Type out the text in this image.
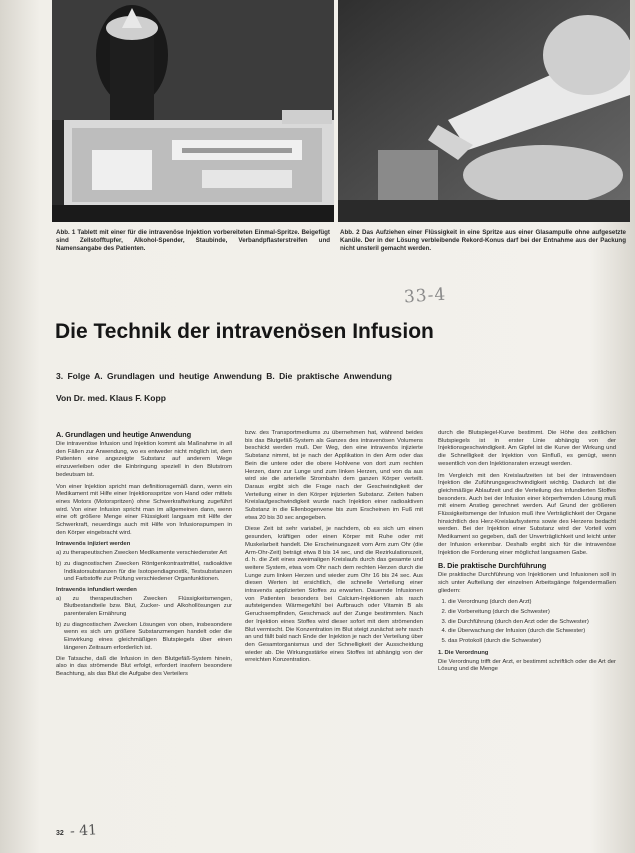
Abb. 1 Tablett mit einer für die intravenöse Injektion vorbereiteten Einmal-Spritze. Beigefügt sind Zellstofftupfer, Alkohol-Spender, Staubinde, Verbandpflasterstreifen und Namensangabe des Patienten.
Abb. 2 Das Aufziehen einer Flüssigkeit in eine Spritze aus einer Glasampulle ohne aufgesetzte Kanüle. Der in der Lösung verbleibende Rekord-Konus darf bei der Entnahme aus der Packung nicht unsteril gemacht werden.
33-4
Die Technik der intravenösen Infusion
3. Folge A. Grundlagen und heutige Anwendung B. Die praktische Anwendung
Von Dr. med. Klaus F. Kopp
A. Grundlagen und heutige Anwendung

Die intravenöse Infusion und Injektion kommt als Maßnahme in all den Fällen zur Anwendung, wo es entweder nicht möglich ist, dem Patienten eine angezeigte Substanz auf anderem Wege einzuverleiben oder die Einbringung speziell in den Blutstrom bedeutsam ist.

Von einer Injektion spricht man definitionsgemäß dann, wenn ein Medikament mit Hilfe einer Injektionsspritze von Hand oder mittels eines Motors (Motorspritzen) ohne Schwerkraftwirkung zugeführt wird. Von einer Infusion spricht man im allgemeinen dann, wenn eine oft größere Menge einer Flüssigkeit langsam mit Hilfe der Schwerkraft, neuerdings auch mit Hilfe von Infusionspumpen in den Körper eingebracht wird.

Intravenös injiziert werden

a) zu therapeutischen Zwecken Medikamente verschiedenster Art

b) zu diagnostischen Zwecken Röntgenkontrastmittel, radioaktive Indikatorsubstanzen für die Isotopendiagnostik, Testsubstanzen und Farbstoffe zur Prüfung verschiedener Organfunktionen.

Intravenös infundiert werden

a) zu therapeutischen Zwecken Flüssigkeitsmengen, Blutbestandteile bzw. Blut, Zucker- und Alkohollösungen zur parenteralen Ernährung

b) zu diagnostischen Zwecken Lösungen von oben, insbesondere wenn es sich um größere Substanzmengen handelt oder die Einwirkung eines gleichmäßigen Blutspiegels über einen längeren Zeitraum erforderlich ist.

Die Tatsache, daß die Infusion in den Blutgefäß-System hinein, also in das strömende Blut erfolgt, erfordert insofern besondere Beachtung, als das Blut die Aufgabe des Verteilers

bzw. des Transportmediums zu übernehmen hat, während beides bis das Blutgefäß-System als Ganzes des intravenösen Volumens beschickt werden muß. Der Weg, den eine intravenös injizierte Substanz nimmt, ist je nach der Applikation in den Arm oder das Bein die untere oder die obere Hohlvene von dort zum rechten Herzen, dann zur Lunge und zum linken Herzen, und von da aus wird sie die arterielle Strombahn dem ganzen Körper verteilt. Daraus ergibt sich die Frage nach der Geschwindigkeit der Verteilung einer in den Körper injizierten Substanz. Zeiten haben Kreislaufgeschwindigkeit wurde nach Injektion einer radioaktiven Substanz in die Ellenbogenvene bis zum Erscheinen im Fuß mit etwa 20 bis 30 sec angegeben.

Diese Zeit ist sehr variabel, je nachdem, ob es sich um einen gesunden, kräftigen oder einen Körper mit Ruhe oder mit Muskelarbeit handelt. Die Erscheinungszeit vom Arm zum Ohr (die Arm-Ohr-Zeit) beträgt etwa 8 bis 14 sec, und die Rezirkulationszeit, d. h. die Zeit eines zweimaligen Kreislaufs durch das gesamte und weitere System, etwa vom Ohr nach dem rechten Herzen durch die Lunge zum linken Herzen und wieder zum Ohr 16 bis 24 sec. Aus diesen Werten ist ersichtlich, die schnelle Verteilung einer intravenös applizierten Stoffes zu erwarten. Dauernde Infusionen von Patienten besonders bei Calcium-Injektionen als rasch aufsteigendes Wärmegefühl bei Aufbrauch oder Vitamin B als Geruchsempfinden, Geschmack auf der Zunge bestimmten. Nach der Injektion eines Stoffes wird dieser sofort mit dem strömenden Blut vermischt. Die Konzentration im Blut steigt zunächst sehr rasch an und fällt bald nach Ende der Injektion je nach der Verteilung über den Gesamtorganismus und der Schnelligkeit der Ausscheidung wieder ab. Die Wirkungsstärke eines Stoffes ist abhängig von der erreichten Konzentration.

durch die Blutspiegel-Kurve bestimmt. Die Höhe des zeitlichen Blutspiegels ist in erster Linie abhängig von der Injektionsgeschwindigkeit. Am Gipfel ist die Kurve der Wirkung und die Schnelligkeit der Injektion von Einfluß, es genügt, wenn wesentlich von den Injektionsraten erzeugt werden.

Im Vergleich mit den Kreislaufzeiten ist bei der intravenösen Injektion die Zuführungsgeschwindigkeit wichtig. Dadurch ist die gleichmäßige Ablaufzeit und die Verteilung des infundierten Stoffes besonders. Auch bei der Infusion einer körperfremden Lösung muß mit einem Anstieg gerechnet werden. Auf Grund der größeren Flüssigkeitsmenge der Infusion muß ihre Verträglichkeit der Organe hinsichtlich des Herz-Kreislaufsystems sowie des Herzens bedacht werden. Bei der Injektion einer Substanz wird der Vorteil vom Medikament so gegeben, daß der Unverträglichkeit und leicht unter der Infusion erkennbar. Deshalb ergibt sich für die intravenöse Injektion die Forderung einer möglichst langsamen Gabe.

B. Die praktische Durchführung

Die praktische Durchführung von Injektionen und Infusionen soll in sich unter Aufteilung der einzelnen Arbeitsgänge folgendermaßen gliedern:

1. die Verordnung (durch den Arzt)
2. die Vorbereitung (durch die Schwester)
3. die Durchführung (durch den Arzt oder die Schwester)
4. die Überwachung der Infusion (durch die Schwester)
5. das Protokoll (durch die Schwester)

1. Die Verordnung

Die Verordnung trifft der Arzt, er bestimmt schriftlich oder die Art der Lösung und die Menge

32 - 41
